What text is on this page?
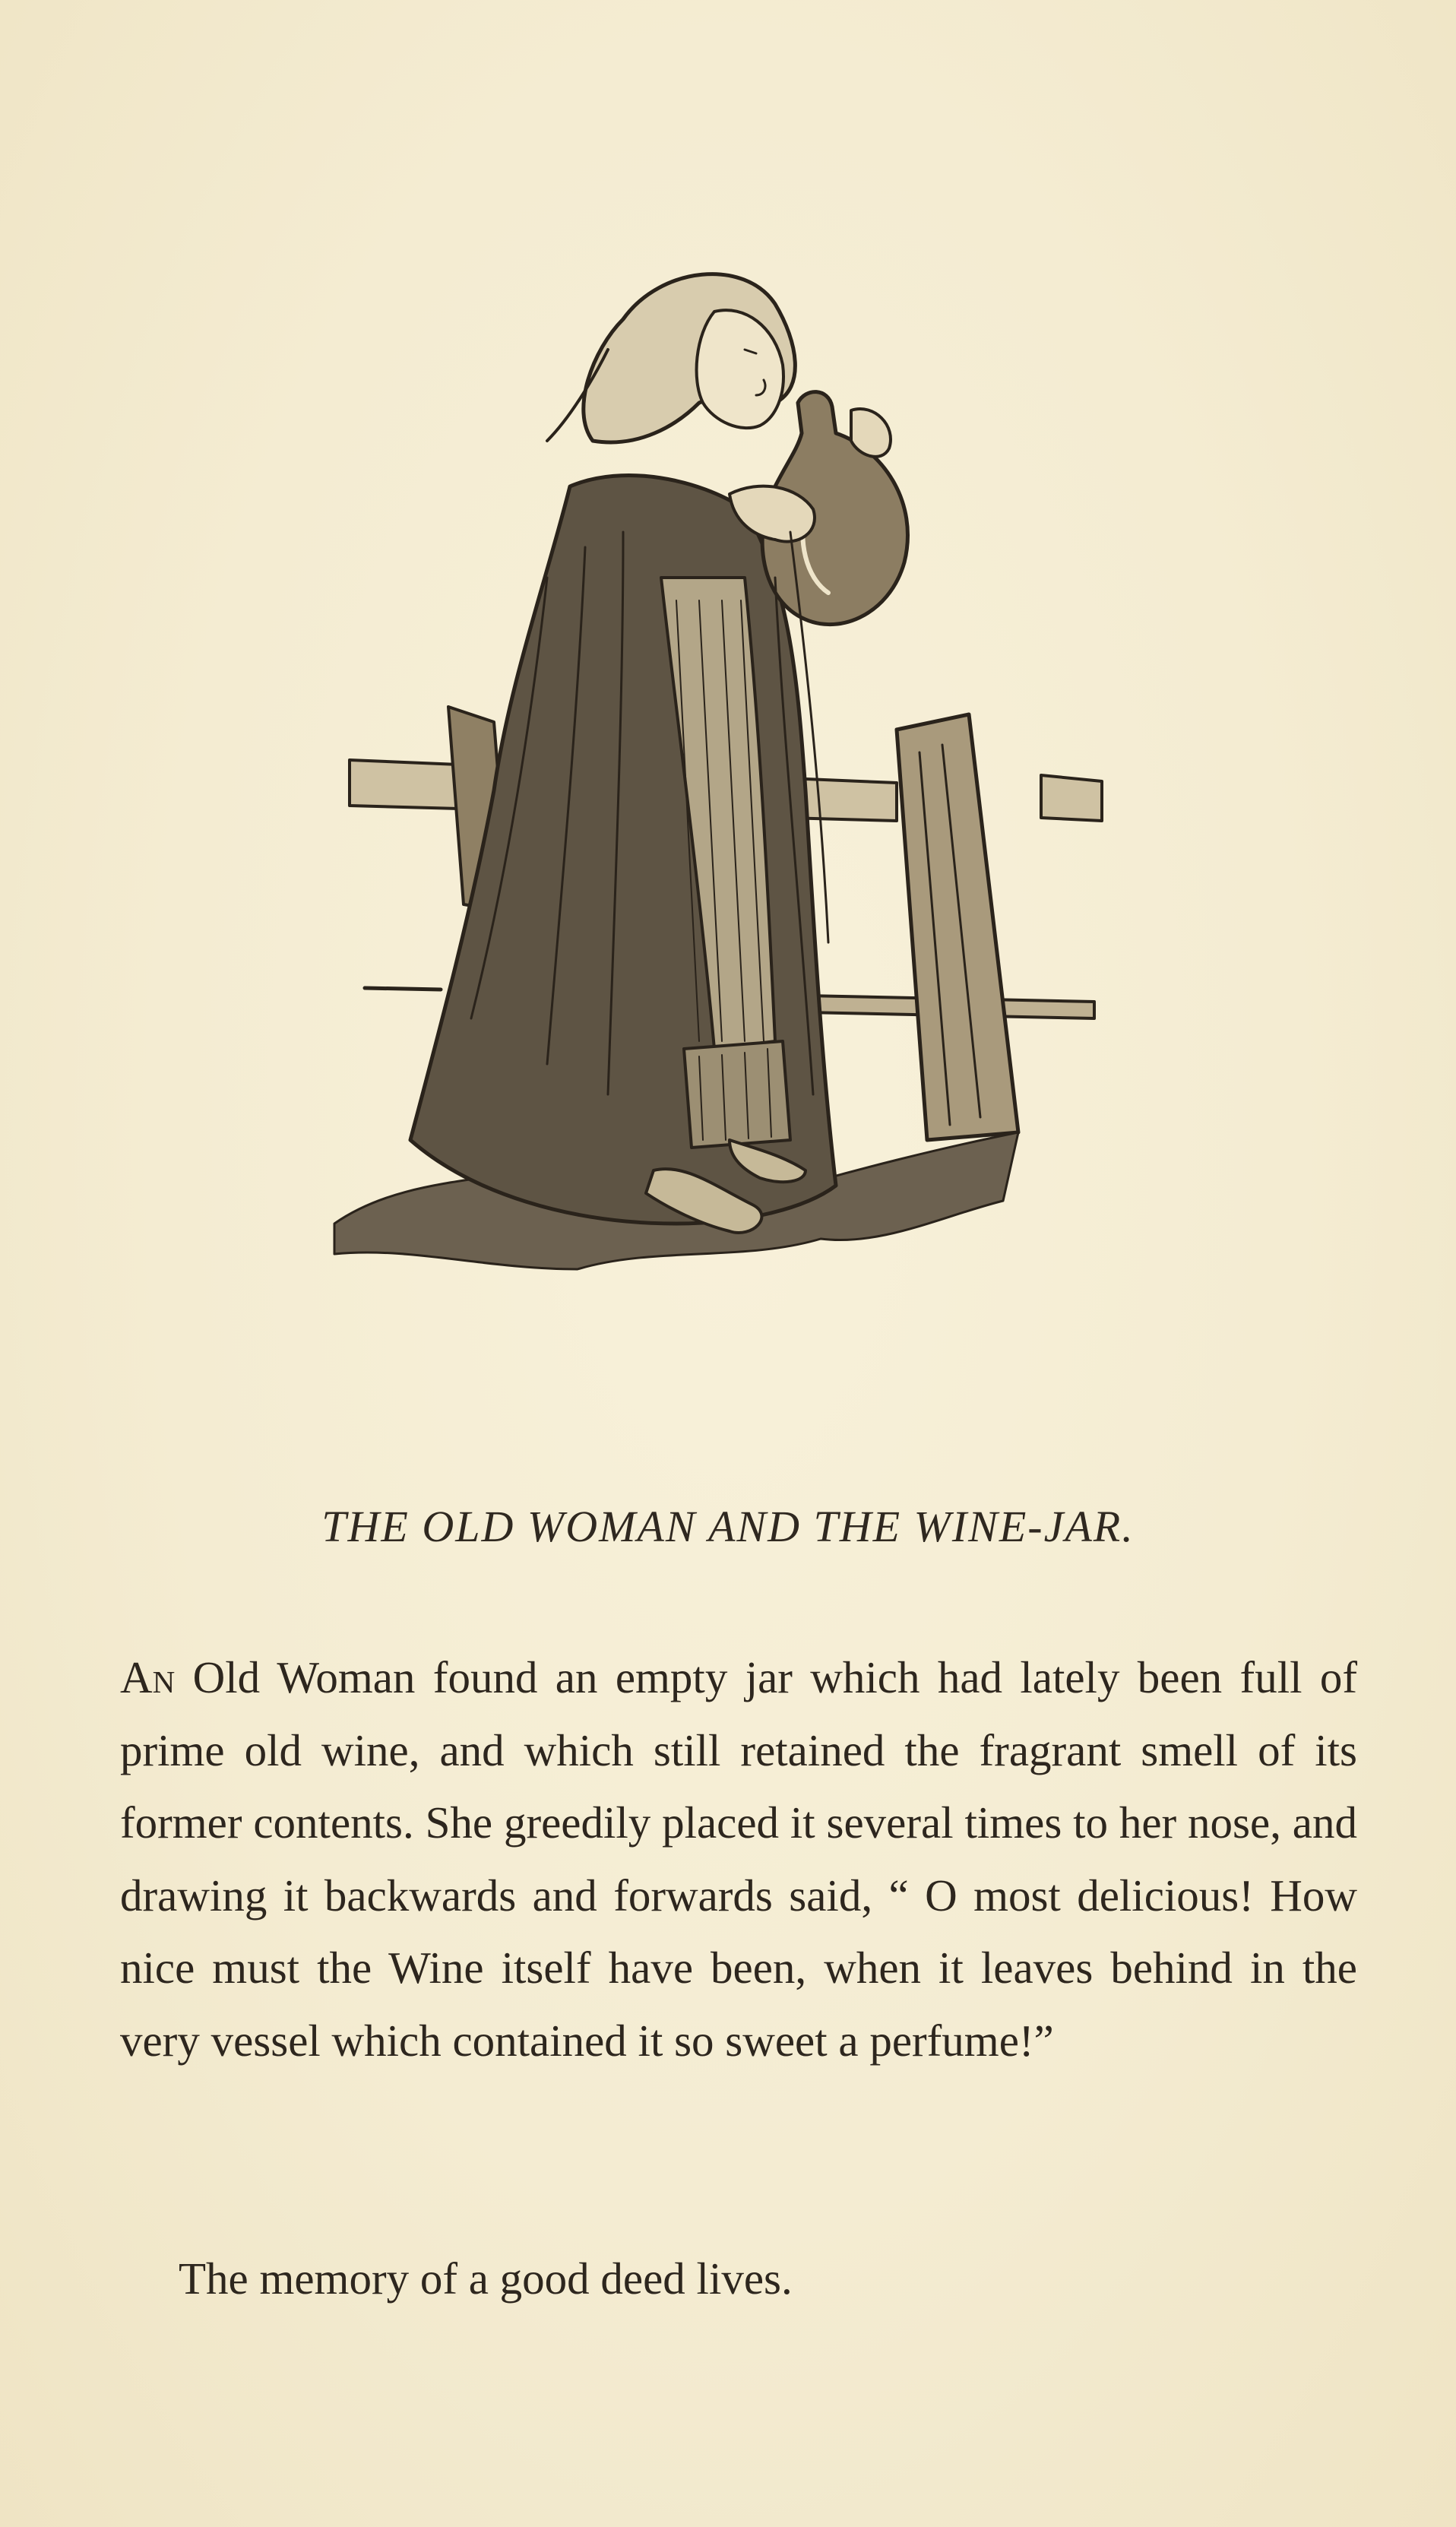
THE OLD WOMAN AND THE WINE-JAR.

An Old Woman found an empty jar which had lately been full of prime old wine, and which still retained the fragrant smell of its former contents. She greedily placed it several times to her nose, and drawing it backwards and forwards said, “ O most delicious! How nice must the Wine itself have been, when it leaves behind in the very vessel which contained it so sweet a perfume!”

The memory of a good deed lives.
